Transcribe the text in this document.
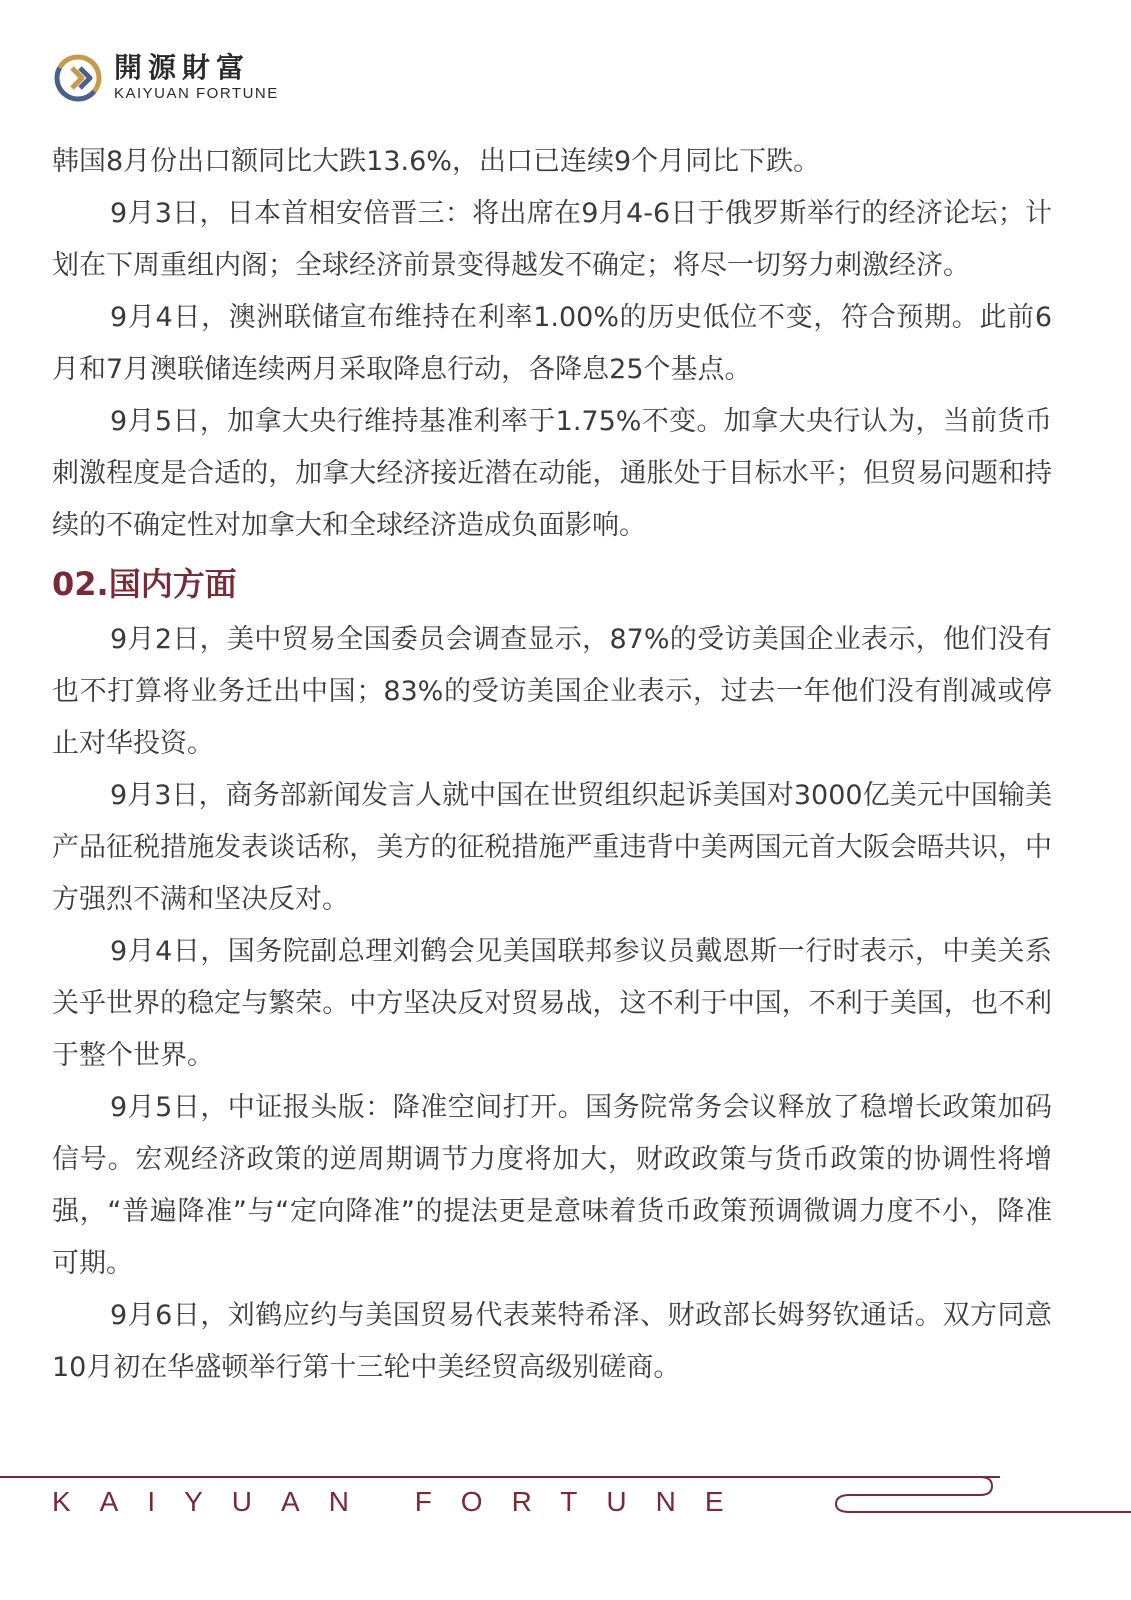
開源財富
KAIYUAN FORTUNE

韩国8月份出口额同比大跌13.6%，出口已连续9个月同比下跌。

9月3日，日本首相安倍晋三：将出席在9月4-6日于俄罗斯举行的经济论坛；计划在下周重组内阁；全球经济前景变得越发不确定；将尽一切努力刺激经济。

9月4日，澳洲联储宣布维持在利率1.00%的历史低位不变，符合预期。此前6月和7月澳联储连续两月采取降息行动，各降息25个基点。

9月5日，加拿大央行维持基准利率于1.75%不变。加拿大央行认为，当前货币刺激程度是合适的，加拿大经济接近潜在动能，通胀处于目标水平；但贸易问题和持续的不确定性对加拿大和全球经济造成负面影响。

02.国内方面

9月2日，美中贸易全国委员会调查显示，87%的受访美国企业表示，他们没有也不打算将业务迁出中国；83%的受访美国企业表示，过去一年他们没有削减或停止对华投资。

9月3日，商务部新闻发言人就中国在世贸组织起诉美国对3000亿美元中国输美产品征税措施发表谈话称，美方的征税措施严重违背中美两国元首大阪会晤共识，中方强烈不满和坚决反对。

9月4日，国务院副总理刘鹤会见美国联邦参议员戴恩斯一行时表示，中美关系关乎世界的稳定与繁荣。中方坚决反对贸易战，这不利于中国，不利于美国，也不利于整个世界。

9月5日，中证报头版：降准空间打开。国务院常务会议释放了稳增长政策加码信号。宏观经济政策的逆周期调节力度将加大，财政政策与货币政策的协调性将增强，“普遍降准”与“定向降准”的提法更是意味着货币政策预调微调力度不小，降准可期。

9月6日，刘鹤应约与美国贸易代表莱特希泽、财政部长姆努钦通话。双方同意10月初在华盛顿举行第十三轮中美经贸高级别磋商。

KAIYUAN FORTUNE
